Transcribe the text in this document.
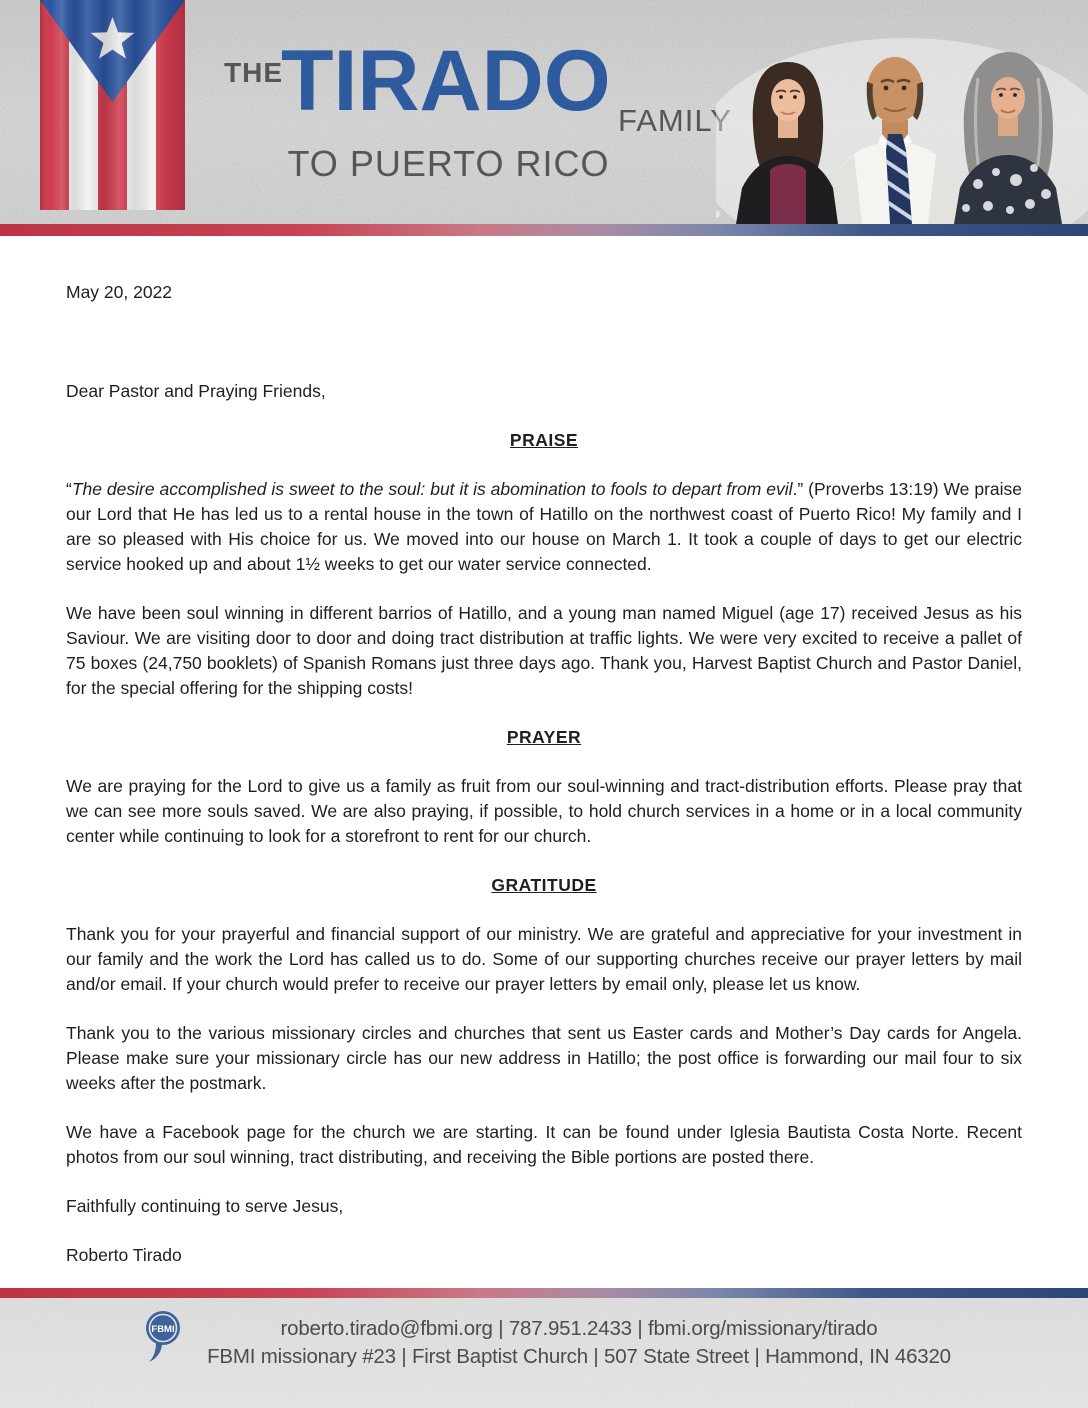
THE
TIRADO FAMILY
TO PUERTO RICO

May 20, 2022

Dear Pastor and Praying Friends,

PRAISE

“The desire accomplished is sweet to the soul: but it is abomination to fools to depart from evil.” (Proverbs 13:19) We praise our Lord that He has led us to a rental house in the town of Hatillo on the northwest coast of Puerto Rico! My family and I are so pleased with His choice for us. We moved into our house on March 1. It took a couple of days to get our electric service hooked up and about 1½ weeks to get our water service connected.

We have been soul winning in different barrios of Hatillo, and a young man named Miguel (age 17) received Jesus as his Saviour. We are visiting door to door and doing tract distribution at traffic lights. We were very excited to receive a pallet of 75 boxes (24,750 booklets) of Spanish Romans just three days ago. Thank you, Harvest Baptist Church and Pastor Daniel, for the special offering for the shipping costs!

PRAYER

We are praying for the Lord to give us a family as fruit from our soul-winning and tract-distribution efforts. Please pray that we can see more souls saved. We are also praying, if possible, to hold church services in a home or in a local community center while continuing to look for a storefront to rent for our church.

GRATITUDE

Thank you for your prayerful and financial support of our ministry. We are grateful and appreciative for your investment in our family and the work the Lord has called us to do. Some of our supporting churches receive our prayer letters by mail and/or email. If your church would prefer to receive our prayer letters by email only, please let us know.

Thank you to the various missionary circles and churches that sent us Easter cards and Mother’s Day cards for Angela. Please make sure your missionary circle has our new address in Hatillo; the post office is forwarding our mail four to six weeks after the postmark.

We have a Facebook page for the church we are starting. It can be found under Iglesia Bautista Costa Norte. Recent photos from our soul winning, tract distributing, and receiving the Bible portions are posted there.

Faithfully continuing to serve Jesus,

Roberto Tirado

FBMI	roberto.tirado@fbmi.org | 787.951.2433 | fbmi.org/missionary/tirado
FBMI missionary #23 | First Baptist Church | 507 State Street | Hammond, IN 46320
